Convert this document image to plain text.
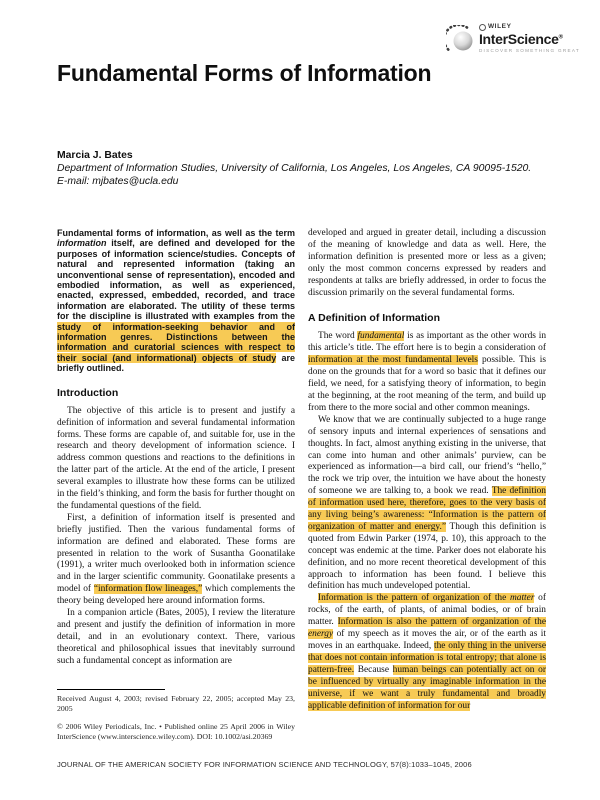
WILEY
InterScience®
DISCOVER SOMETHING GREAT
Fundamental Forms of Information
Marcia J. Bates
Department of Information Studies, University of California, Los Angeles, Los Angeles, CA 90095-1520.
E-mail: mjbates@ucla.edu

Fundamental forms of information, as well as the term information itself, are defined and developed for the purposes of information science/studies. Concepts of natural and represented information (taking an unconventional sense of representation), encoded and embodied information, as well as experienced, enacted, expressed, embedded, recorded, and trace information are elaborated. The utility of these terms for the discipline is illustrated with examples from the study of information-seeking behavior and of information genres. Distinctions between the information and curatorial sciences with respect to their social (and informational) objects of study are briefly outlined.

Introduction

The objective of this article is to present and justify a definition of information and several fundamental information forms. These forms are capable of, and suitable for, use in the research and theory development of information science. I address common questions and reactions to the definitions in the latter part of the article. At the end of the article, I present several examples to illustrate how these forms can be utilized in the field’s thinking, and form the basis for further thought on the fundamental questions of the field.

First, a definition of information itself is presented and briefly justified. Then the various fundamental forms of information are defined and elaborated. These forms are presented in relation to the work of Susantha Goonatilake (1991), a writer much overlooked both in information science and in the larger scientific community. Goonatilake presents a model of “information flow lineages,” which complements the theory being developed here around information forms.

In a companion article (Bates, 2005), I review the literature and present and justify the definition of information in more detail, and in an evolutionary context. There, various theoretical and philosophical issues that inevitably surround such a fundamental concept as information are

Received August 4, 2003; revised February 22, 2005; accepted May 23, 2005

© 2006 Wiley Periodicals, Inc. • Published online 25 April 2006 in Wiley InterScience (www.interscience.wiley.com). DOI: 10.1002/asi.20369

developed and argued in greater detail, including a discussion of the meaning of knowledge and data as well. Here, the information definition is presented more or less as a given; only the most common concerns expressed by readers and respondents at talks are briefly addressed, in order to focus the discussion primarily on the several fundamental forms.

A Definition of Information

The word fundamental is as important as the other words in this article’s title. The effort here is to begin a consideration of information at the most fundamental levels possible. This is done on the grounds that for a word so basic that it defines our field, we need, for a satisfying theory of information, to begin at the beginning, at the root meaning of the term, and build up from there to the more social and other common meanings.

We know that we are continually subjected to a huge range of sensory inputs and internal experiences of sensations and thoughts. In fact, almost anything existing in the universe, that can come into human and other animals’ purview, can be experienced as information—a bird call, our friend’s “hello,” the rock we trip over, the intuition we have about the honesty of someone we are talking to, a book we read. The definition of information used here, therefore, goes to the very basis of any living being’s awareness: “Information is the pattern of organization of matter and energy.” Though this definition is quoted from Edwin Parker (1974, p. 10), this approach to the concept was endemic at the time. Parker does not elaborate his definition, and no more recent theoretical development of this approach to information has been found. I believe this definition has much undeveloped potential.

Information is the pattern of organization of the matter of rocks, of the earth, of plants, of animal bodies, or of brain matter. Information is also the pattern of organization of the energy of my speech as it moves the air, or of the earth as it moves in an earthquake. Indeed, the only thing in the universe that does not contain information is total entropy; that alone is pattern-free. Because human beings can potentially act on or be influenced by virtually any imaginable information in the universe, if we want a truly fundamental and broadly applicable definition of information for our

JOURNAL OF THE AMERICAN SOCIETY FOR INFORMATION SCIENCE AND TECHNOLOGY, 57(8):1033–1045, 2006
